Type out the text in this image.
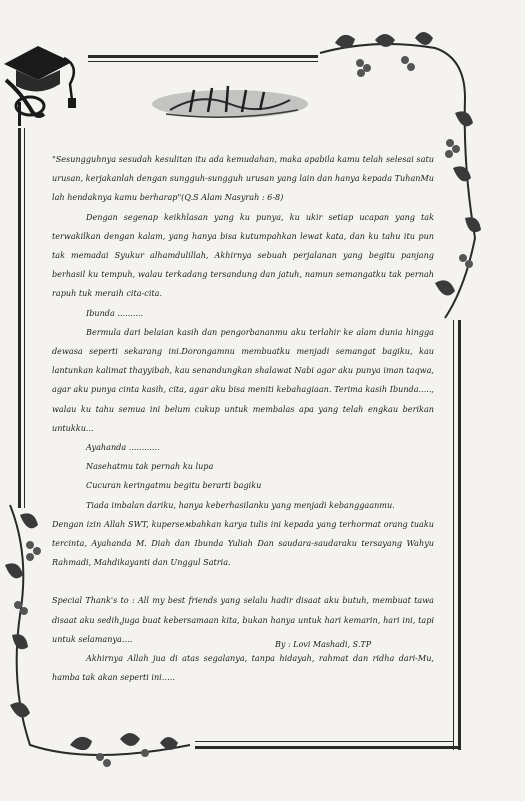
"Sesungguhnya sesudah kesulitan itu ada kemudahan, maka apabila kamu telah selesai satu urusan, kerjakanlah dengan sungguh-sungguh urusan yang lain dan hanya kepada TuhanMu lah hendaknya kamu berharap"(Q.S Alam Nasyrah : 6-8)

Dengan segenap keikhlasan yang ku punya, ku ukir setiap ucapan yang tak terwakilkan dengan kalam, yang hanya bisa kutumpahkan lewat kata, dan ku tahu itu pun tak memadai Syukur alhamdulillah, Akhirnya sebuah perjalanan yang begitu panjang berhasil ku tempuh, walau terkadang tersandung dan jatuh, namun semangatku tak pernah rapuh tuk meraih cita-cita.

Ibunda ..........

Bermula dari belaian kasih dan pengorbananmu aku terlahir ke alam dunia hingga dewasa seperti sekarang ini.Dorongamnu membuatku menjadi semangat bagiku, kau lantunkan kalimat thayyibah, kau senandungkan shalawat Nabi agar aku punya iman taqwa, agar aku punya cinta kasih, cita, agar aku bisa meniti kebahagiaan. Terima kasih Ibunda....., walau ku tahu semua ini belum cukup untuk membalas apa yang telah engkau berikan untukku...

Ayahanda ............

Nasehatmu tak pernah ku lupa

Cucuran keringatmu begitu berarti bagiku

Tiada imbalan dariku, hanya keberhasilanku yang menjadi kebanggaanmu.

Dengan izin Allah SWT, kuperseмbahkan karya tulis ini kepada yang terhormat orang tuaku tercinta, Ayahanda M. Diah dan Ibunda Yuliah Dan saudara-saudaraku tersayang Wahyu Rahmadi, Mahdikayanti dan Unggul Satria.

Special Thank's to : All my best friends yang selalu hadir disaat aku butuh, membuat tawa disaat aku sedih,juga buat kebersamaan kita, bukan hanya untuk hari kemarin, hari ini, tapi untuk selamanya….

Akhirnya Allah jua di atas segalanya, tanpa hidayah, rahmat dan ridha dari-Mu, hamba tak akan seperti ini…..

By : Lovi Mashadi, S.TP
